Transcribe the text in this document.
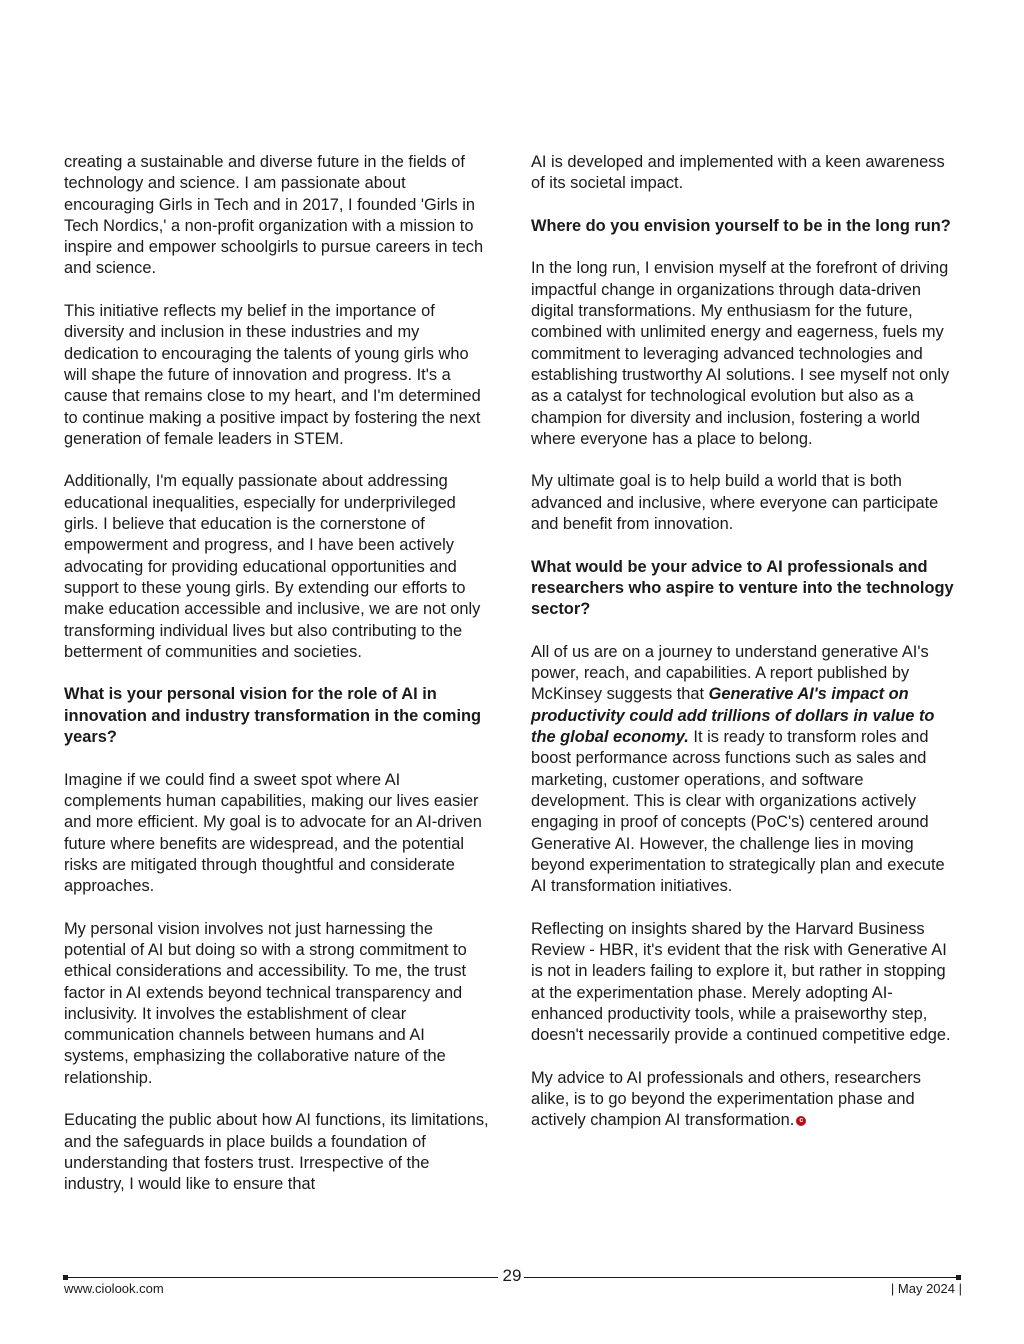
creating a sustainable and diverse future in the fields of technology and science. I am passionate about encouraging Girls in Tech and in 2017, I founded 'Girls in Tech Nordics,' a non-profit organization with a mission to inspire and empower schoolgirls to pursue careers in tech and science.

This initiative reflects my belief in the importance of diversity and inclusion in these industries and my dedication to encouraging the talents of young girls who will shape the future of innovation and progress. It's a cause that remains close to my heart, and I'm determined to continue making a positive impact by fostering the next generation of female leaders in STEM.

Additionally, I'm equally passionate about addressing educational inequalities, especially for underprivileged girls. I believe that education is the cornerstone of empowerment and progress, and I have been actively advocating for providing educational opportunities and support to these young girls. By extending our efforts to make education accessible and inclusive, we are not only transforming individual lives but also contributing to the betterment of communities and societies.

What is your personal vision for the role of AI in innovation and industry transformation in the coming years?

Imagine if we could find a sweet spot where AI complements human capabilities, making our lives easier and more efficient. My goal is to advocate for an AI-driven future where benefits are widespread, and the potential risks are mitigated through thoughtful and considerate approaches.

My personal vision involves not just harnessing the potential of AI but doing so with a strong commitment to ethical considerations and accessibility. To me, the trust factor in AI extends beyond technical transparency and inclusivity. It involves the establishment of clear communication channels between humans and AI systems, emphasizing the collaborative nature of the relationship.

Educating the public about how AI functions, its limitations, and the safeguards in place builds a foundation of understanding that fosters trust. Irrespective of the industry, I would like to ensure that

AI is developed and implemented with a keen awareness of its societal impact.

Where do you envision yourself to be in the long run?

In the long run, I envision myself at the forefront of driving impactful change in organizations through data-driven digital transformations. My enthusiasm for the future, combined with unlimited energy and eagerness, fuels my commitment to leveraging advanced technologies and establishing trustworthy AI solutions. I see myself not only as a catalyst for technological evolution but also as a champion for diversity and inclusion, fostering a world where everyone has a place to belong.

My ultimate goal is to help build a world that is both advanced and inclusive, where everyone can participate and benefit from innovation.

What would be your advice to AI professionals and researchers who aspire to venture into the technology sector?

All of us are on a journey to understand generative AI's power, reach, and capabilities. A report published by McKinsey suggests that Generative AI's impact on productivity could add trillions of dollars in value to the global economy. It is ready to transform roles and boost performance across functions such as sales and marketing, customer operations, and software development. This is clear with organizations actively engaging in proof of concepts (PoC's) centered around Generative AI. However, the challenge lies in moving beyond experimentation to strategically plan and execute AI transformation initiatives.

Reflecting on insights shared by the Harvard Business Review - HBR, it's evident that the risk with Generative AI is not in leaders failing to explore it, but rather in stopping at the experimentation phase. Merely adopting AI-enhanced productivity tools, while a praiseworthy step, doesn't necessarily provide a continued competitive edge.

My advice to AI professionals and others, researchers alike, is to go beyond the experimentation phase and actively champion AI transformation. c

29
www.ciolook.com	| May 2024 |
